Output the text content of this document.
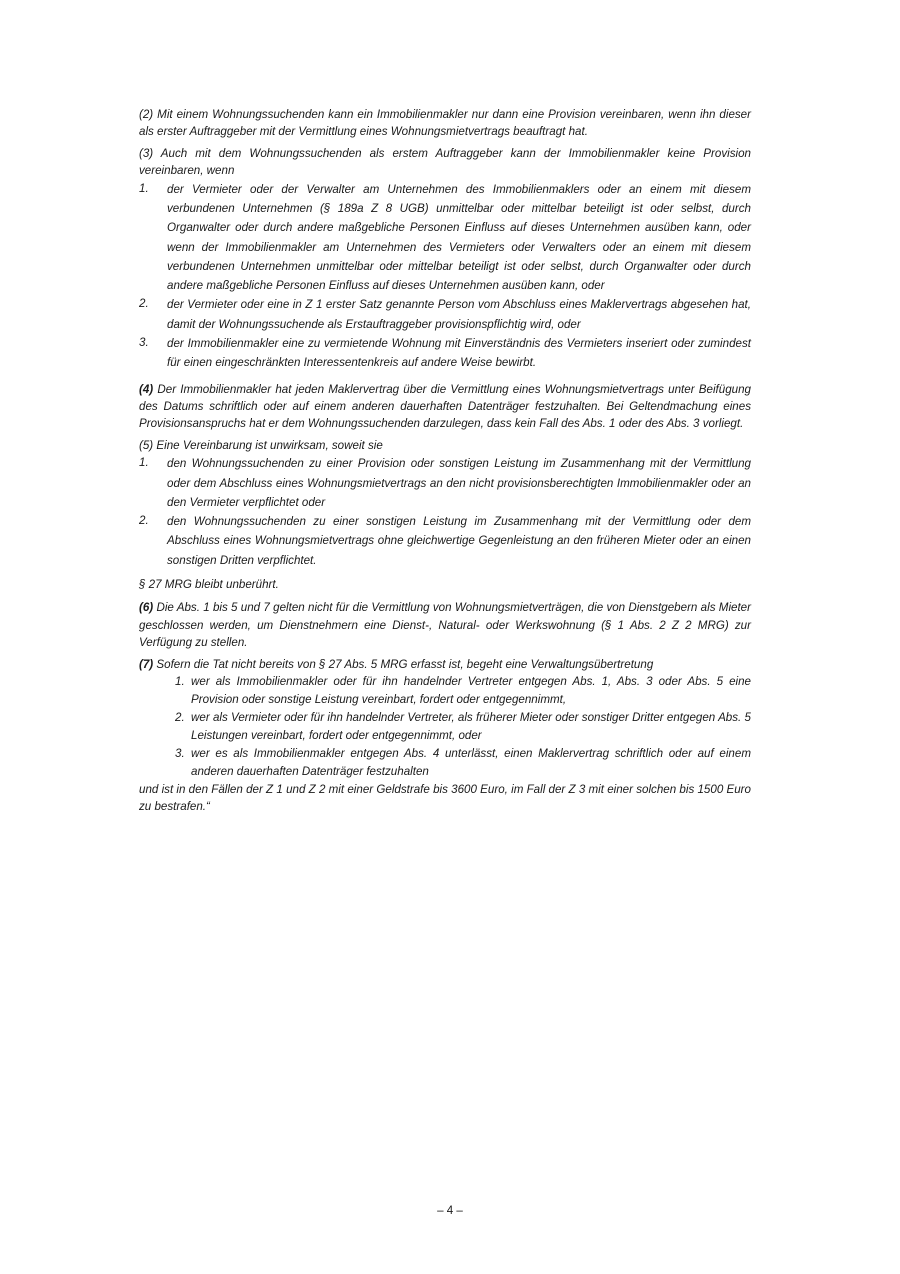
(2) Mit einem Wohnungssuchenden kann ein Immobilienmakler nur dann eine Provision vereinbaren, wenn ihn dieser als erster Auftraggeber mit der Vermittlung eines Wohnungsmietvertrags beauftragt hat.

(3) Auch mit dem Wohnungssuchenden als erstem Auftraggeber kann der Immobilienmakler keine Provision vereinbaren, wenn

1.	der Vermieter oder der Verwalter am Unternehmen des Immobilienmaklers oder an einem mit diesem verbundenen Unternehmen (§ 189a Z 8 UGB) unmittelbar oder mittelbar beteiligt ist oder selbst, durch Organwalter oder durch andere maßgebliche Personen Einfluss auf dieses Unternehmen ausüben kann, oder wenn der Immobilienmakler am Unternehmen des Vermieters oder Verwalters oder an einem mit diesem verbundenen Unternehmen unmittelbar oder mittelbar beteiligt ist oder selbst, durch Organwalter oder durch andere maßgebliche Personen Einfluss auf dieses Unternehmen ausüben kann, oder
2.	der Vermieter oder eine in Z 1 erster Satz genannte Person vom Abschluss eines Maklervertrags abgesehen hat, damit der Wohnungssuchende als Erstauftraggeber provisionspflichtig wird, oder
3.	der Immobilienmakler eine zu vermietende Wohnung mit Einverständnis des Vermieters inseriert oder zumindest für einen eingeschränkten Interessentenkreis auf andere Weise bewirbt.

(4) Der Immobilienmakler hat jeden Maklervertrag über die Vermittlung eines Wohnungsmietvertrags unter Beifügung des Datums schriftlich oder auf einem anderen dauerhaften Datenträger festzuhalten. Bei Geltendmachung eines Provisionsanspruchs hat er dem Wohnungssuchenden darzulegen, dass kein Fall des Abs. 1 oder des Abs. 3 vorliegt.

(5) Eine Vereinbarung ist unwirksam, soweit sie

1.	den Wohnungssuchenden zu einer Provision oder sonstigen Leistung im Zusammenhang mit der Vermittlung oder dem Abschluss eines Wohnungsmietvertrags an den nicht provisionsberechtigten Immobilienmakler oder an den Vermieter verpflichtet oder
2.	den Wohnungssuchenden zu einer sonstigen Leistung im Zusammenhang mit der Vermittlung oder dem Abschluss eines Wohnungsmietvertrags ohne gleichwertige Gegenleistung an den früheren Mieter oder an einen sonstigen Dritten verpflichtet.

§ 27 MRG bleibt unberührt.

(6) Die Abs. 1 bis 5 und 7 gelten nicht für die Vermittlung von Wohnungsmietverträgen, die von Dienstgebern als Mieter geschlossen werden, um Dienstnehmern eine Dienst-, Natural- oder Werkswohnung (§ 1 Abs. 2 Z 2 MRG) zur Verfügung zu stellen.

(7) Sofern die Tat nicht bereits von § 27 Abs. 5 MRG erfasst ist, begeht eine Verwaltungsübertretung

1. wer als Immobilienmakler oder für ihn handelnder Vertreter entgegen Abs. 1, Abs. 3 oder Abs. 5 eine Provision oder sonstige Leistung vereinbart, fordert oder entgegennimmt,
2. wer als Vermieter oder für ihn handelnder Vertreter, als früherer Mieter oder sonstiger Dritter entgegen Abs. 5 Leistungen vereinbart, fordert oder entgegennimmt, oder
3. wer es als Immobilienmakler entgegen Abs. 4 unterlässt, einen Maklervertrag schriftlich oder auf einem anderen dauerhaften Datenträger festzuhalten

und ist in den Fällen der Z 1 und Z 2 mit einer Geldstrafe bis 3600 Euro, im Fall der Z 3 mit einer solchen bis 1500 Euro zu bestrafen.“

– 4 –
